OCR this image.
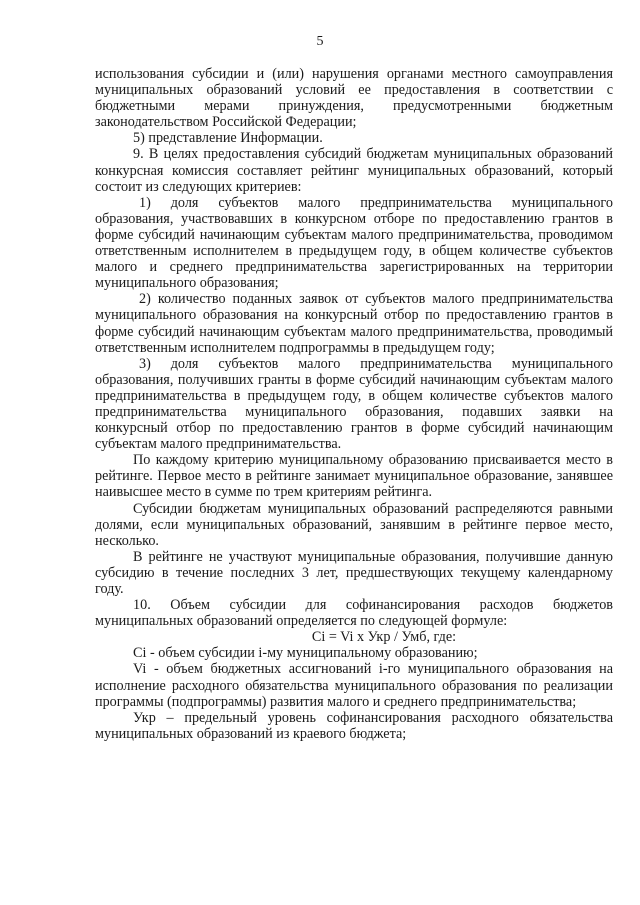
5

использования субсидии и (или) нарушения органами местного самоуправления муниципальных образований условий ее предоставления в соответствии с бюджетными мерами принуждения, предусмотренными бюджетным законодательством Российской Федерации;

5) представление Информации.

9. В целях предоставления субсидий бюджетам муниципальных образований конкурсная комиссия составляет рейтинг муниципальных образований, который состоит из следующих критериев:

1) доля субъектов малого предпринимательства муниципального образования, участвовавших в конкурсном отборе по предоставлению грантов в форме субсидий начинающим субъектам малого предпринимательства, проводимом ответственным исполнителем в предыдущем году, в общем количестве субъектов малого и среднего предпринимательства зарегистрированных на территории муниципального образования;

2) количество поданных заявок от субъектов малого предпринимательства муниципального образования на конкурсный отбор по предоставлению грантов в форме субсидий начинающим субъектам малого предпринимательства, проводимый ответственным исполнителем подпрограммы в предыдущем году;

3) доля субъектов малого предпринимательства муниципального образования, получивших гранты в форме субсидий начинающим субъектам малого предпринимательства в предыдущем году, в общем количестве субъектов малого предпринимательства муниципального образования, подавших заявки на конкурсный отбор по предоставлению грантов в форме субсидий начинающим субъектам малого предпринимательства.

По каждому критерию муниципальному образованию присваивается место в рейтинге. Первое место в рейтинге занимает муниципальное образование, занявшее наивысшее место в сумме по трем критериям рейтинга.

Субсидии бюджетам муниципальных образований распределяются равными долями, если муниципальных образований, занявшим в рейтинге первое место, несколько.

В рейтинге не участвуют муниципальные образования, получившие данную субсидию в течение последних 3 лет, предшествующих текущему календарному году.

10. Объем субсидии для софинансирования расходов бюджетов муниципальных образований определяется по следующей формуле:

Ci = Vi x Укр / Умб, где:

Ci - объем субсидии i-му муниципальному образованию;

Vi - объем бюджетных ассигнований i-го муниципального образования на исполнение расходного обязательства муниципального образования по реализации программы (подпрограммы) развития малого и среднего предпринимательства;

Укр – предельный уровень софинансирования расходного обязательства муниципальных образований из краевого бюджета;
